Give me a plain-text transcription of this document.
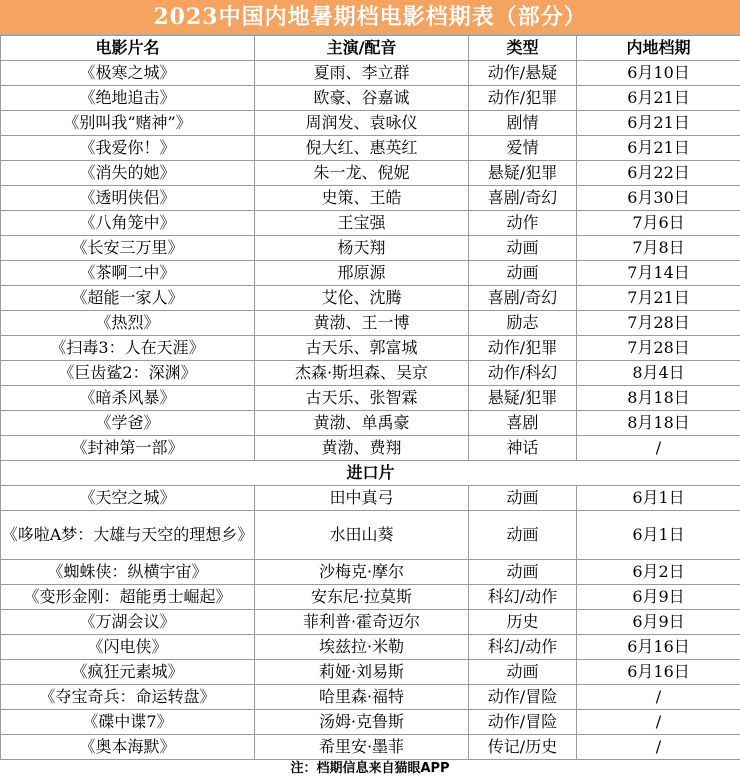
2023中国内地暑期档电影档期表（部分）
电影片名	主演/配音	类型	内地档期
《极寒之城》	夏雨、李立群	动作/悬疑	6月10日
《绝地追击》	欧豪、谷嘉诚	动作/犯罪	6月21日
《别叫我“赌神”》	周润发、袁咏仪	剧情	6月21日
《我爱你！》	倪大红、惠英红	爱情	6月21日
《消失的她》	朱一龙、倪妮	悬疑/犯罪	6月22日
《透明侠侣》	史策、王皓	喜剧/奇幻	6月30日
《八角笼中》	王宝强	动作	7月6日
《长安三万里》	杨天翔	动画	7月8日
《茶啊二中》	邢原源	动画	7月14日
《超能一家人》	艾伦、沈腾	喜剧/奇幻	7月21日
《热烈》	黄渤、王一博	励志	7月28日
《扫毒3：人在天涯》	古天乐、郭富城	动作/犯罪	7月28日
《巨齿鲨2：深渊》	杰森·斯坦森、吴京	动作/科幻	8月4日
《暗杀风暴》	古天乐、张智霖	悬疑/犯罪	8月18日
《学爸》	黄渤、单禹豪	喜剧	8月18日
《封神第一部》	黄渤、费翔	神话	/
进口片			
《天空之城》	田中真弓	动画	6月1日
《哆啦A梦：大雄与天空的理想乡》	水田山葵	动画	6月1日
《蜘蛛侠：纵横宇宙》	沙梅克·摩尔	动画	6月2日
《变形金刚：超能勇士崛起》	安东尼·拉莫斯	科幻/动作	6月9日
《万湖会议》	菲利普·霍奇迈尔	历史	6月9日
《闪电侠》	埃兹拉·米勒	科幻/动作	6月16日
《疯狂元素城》	莉娅·刘易斯	动画	6月16日
《夺宝奇兵：命运转盘》	哈里森·福特	动作/冒险	/
《碟中谍7》	汤姆·克鲁斯	动作/冒险	/
《奥本海默》	希里安·墨菲	传记/历史	/
注：档期信息来自猫眼APP
